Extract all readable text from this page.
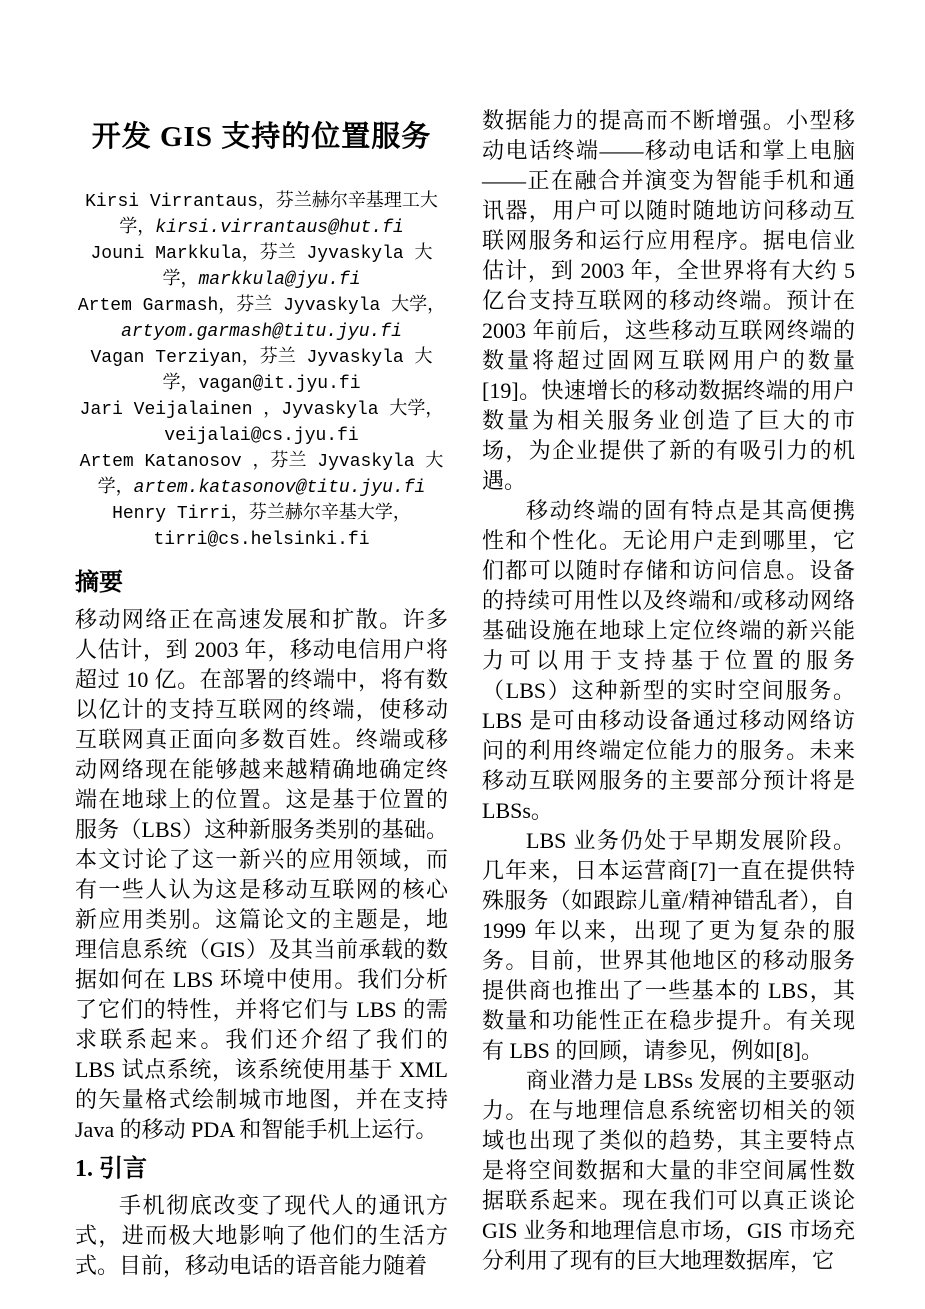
开发 GIS 支持的位置服务

Kirsi Virrantaus，芬兰赫尔辛基理工大学，kirsi.virrantaus@hut.fi

Jouni Markkula，芬兰 Jyvaskyla 大学，markkula@jyu.fi

Artem Garmash，芬兰 Jyvaskyla 大学，artyom.garmash@titu.jyu.fi

Vagan Terziyan，芬兰 Jyvaskyla 大学，vagan@it.jyu.fi

Jari Veijalainen ，Jyvaskyla 大学，veijalai@cs.jyu.fi

Artem Katanosov ，芬兰 Jyvaskyla 大学，artem.katasonov@titu.jyu.fi

Henry Tirri，芬兰赫尔辛基大学，tirri@cs.helsinki.fi

摘要

移动网络正在高速发展和扩散。许多人估计，到 2003 年，移动电信用户将超过 10 亿。在部署的终端中，将有数以亿计的支持互联网的终端，使移动互联网真正面向多数百姓。终端或移动网络现在能够越来越精确地确定终端在地球上的位置。这是基于位置的服务（LBS）这种新服务类别的基础。本文讨论了这一新兴的应用领域，而有一些人认为这是移动互联网的核心新应用类别。这篇论文的主题是，地理信息系统（GIS）及其当前承载的数据如何在 LBS 环境中使用。我们分析了它们的特性，并将它们与 LBS 的需求联系起来。我们还介绍了我们的 LBS 试点系统，该系统使用基于 XML 的矢量格式绘制城市地图，并在支持 Java 的移动 PDA 和智能手机上运行。

1. 引言

手机彻底改变了现代人的通讯方式，进而极大地影响了他们的生活方式。目前，移动电话的语音能力随着

数据能力的提高而不断增强。小型移动电话终端——移动电话和掌上电脑——正在融合并演变为智能手机和通讯器，用户可以随时随地访问移动互联网服务和运行应用程序。据电信业估计，到 2003 年，全世界将有大约 5 亿台支持互联网的移动终端。预计在 2003 年前后，这些移动互联网终端的数量将超过固网互联网用户的数量[19]。快速增长的移动数据终端的用户数量为相关服务业创造了巨大的市场，为企业提供了新的有吸引力的机遇。

移动终端的固有特点是其高便携性和个性化。无论用户走到哪里，它们都可以随时存储和访问信息。设备的持续可用性以及终端和/或移动网络基础设施在地球上定位终端的新兴能力可以用于支持基于位置的服务（LBS）这种新型的实时空间服务。LBS 是可由移动设备通过移动网络访问的利用终端定位能力的服务。未来移动互联网服务的主要部分预计将是 LBSs。

LBS 业务仍处于早期发展阶段。几年来，日本运营商[7]一直在提供特殊服务（如跟踪儿童/精神错乱者），自 1999 年以来，出现了更为复杂的服务。目前，世界其他地区的移动服务提供商也推出了一些基本的 LBS，其数量和功能性正在稳步提升。有关现有 LBS 的回顾，请参见，例如[8]。

商业潜力是 LBSs 发展的主要驱动力。在与地理信息系统密切相关的领域也出现了类似的趋势，其主要特点是将空间数据和大量的非空间属性数据联系起来。现在我们可以真正谈论 GIS 业务和地理信息市场，GIS 市场充分利用了现有的巨大地理数据库，它
